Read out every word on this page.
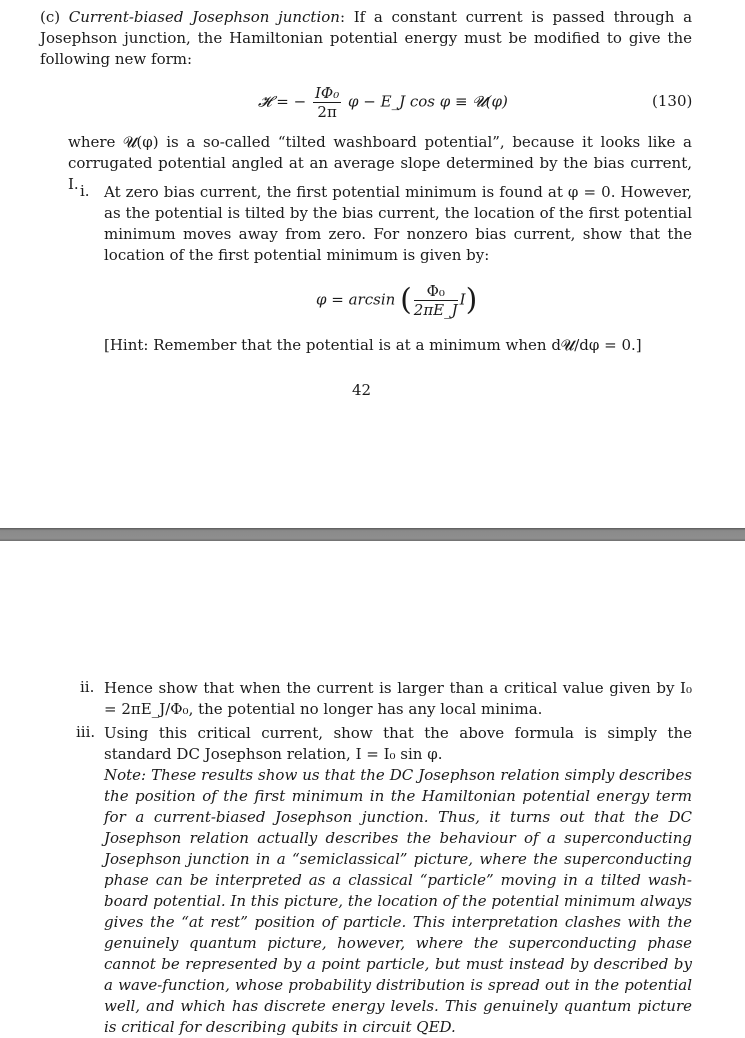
(c) Current-biased Josephson junction: If a constant current is passed through a Josephson junction, the Hamiltonian potential energy must be modified to give the following new form:
𝓗 = − $\frac{\text{IΦ₀}}{2\pi}$ φ − E_J cos φ ≡ 𝓤(φ)	(130)
where 𝓤(φ) is a so-called “tilted washboard potential”, because it looks like a corrugated potential angled at an average slope determined by the bias current, I. i. At zero bias current, the first potential minimum is found at φ = 0. However, as the potential is tilted by the bias current, the location of the first potential minimum moves away from zero. For nonzero bias current, show that the location of the first potential minimum is given by:
φ = arcsin ( $\frac{\text{Φ₀}}{2\pi E\_J} I$)
[Hint: Remember that the potential is at a minimum when d𝓤/dφ = 0.]
42
ii. Hence show that when the current is larger than a critical value given by I₀ = 2πE_J/Φ₀, the potential no longer has any local minima.
iii. Using this critical current, show that the above formula is simply the standard DC Josephson relation, I = I₀ sin φ.
Note: These results show us that the DC Josephson relation simply describes the position of the first minimum in the Hamiltonian potential energy term for a current-biased Josephson junction. Thus, it turns out that the DC Josephson relation actually describes the behaviour of a superconducting Josephson junction in a “semiclassical” picture, where the superconducting phase can be interpreted as a classical “particle” moving in a tilted wash-board potential. In this picture, the location of the potential minimum always gives the “at rest” position of particle. This interpretation clashes with the genuinely quantum picture, however, where the superconducting phase cannot be represented by a point particle, but must instead by described by a wave-function, whose probability distribution is spread out in the potential well, and which has discrete energy levels. This genuinely quantum picture is critical for describing qubits in circuit QED.
